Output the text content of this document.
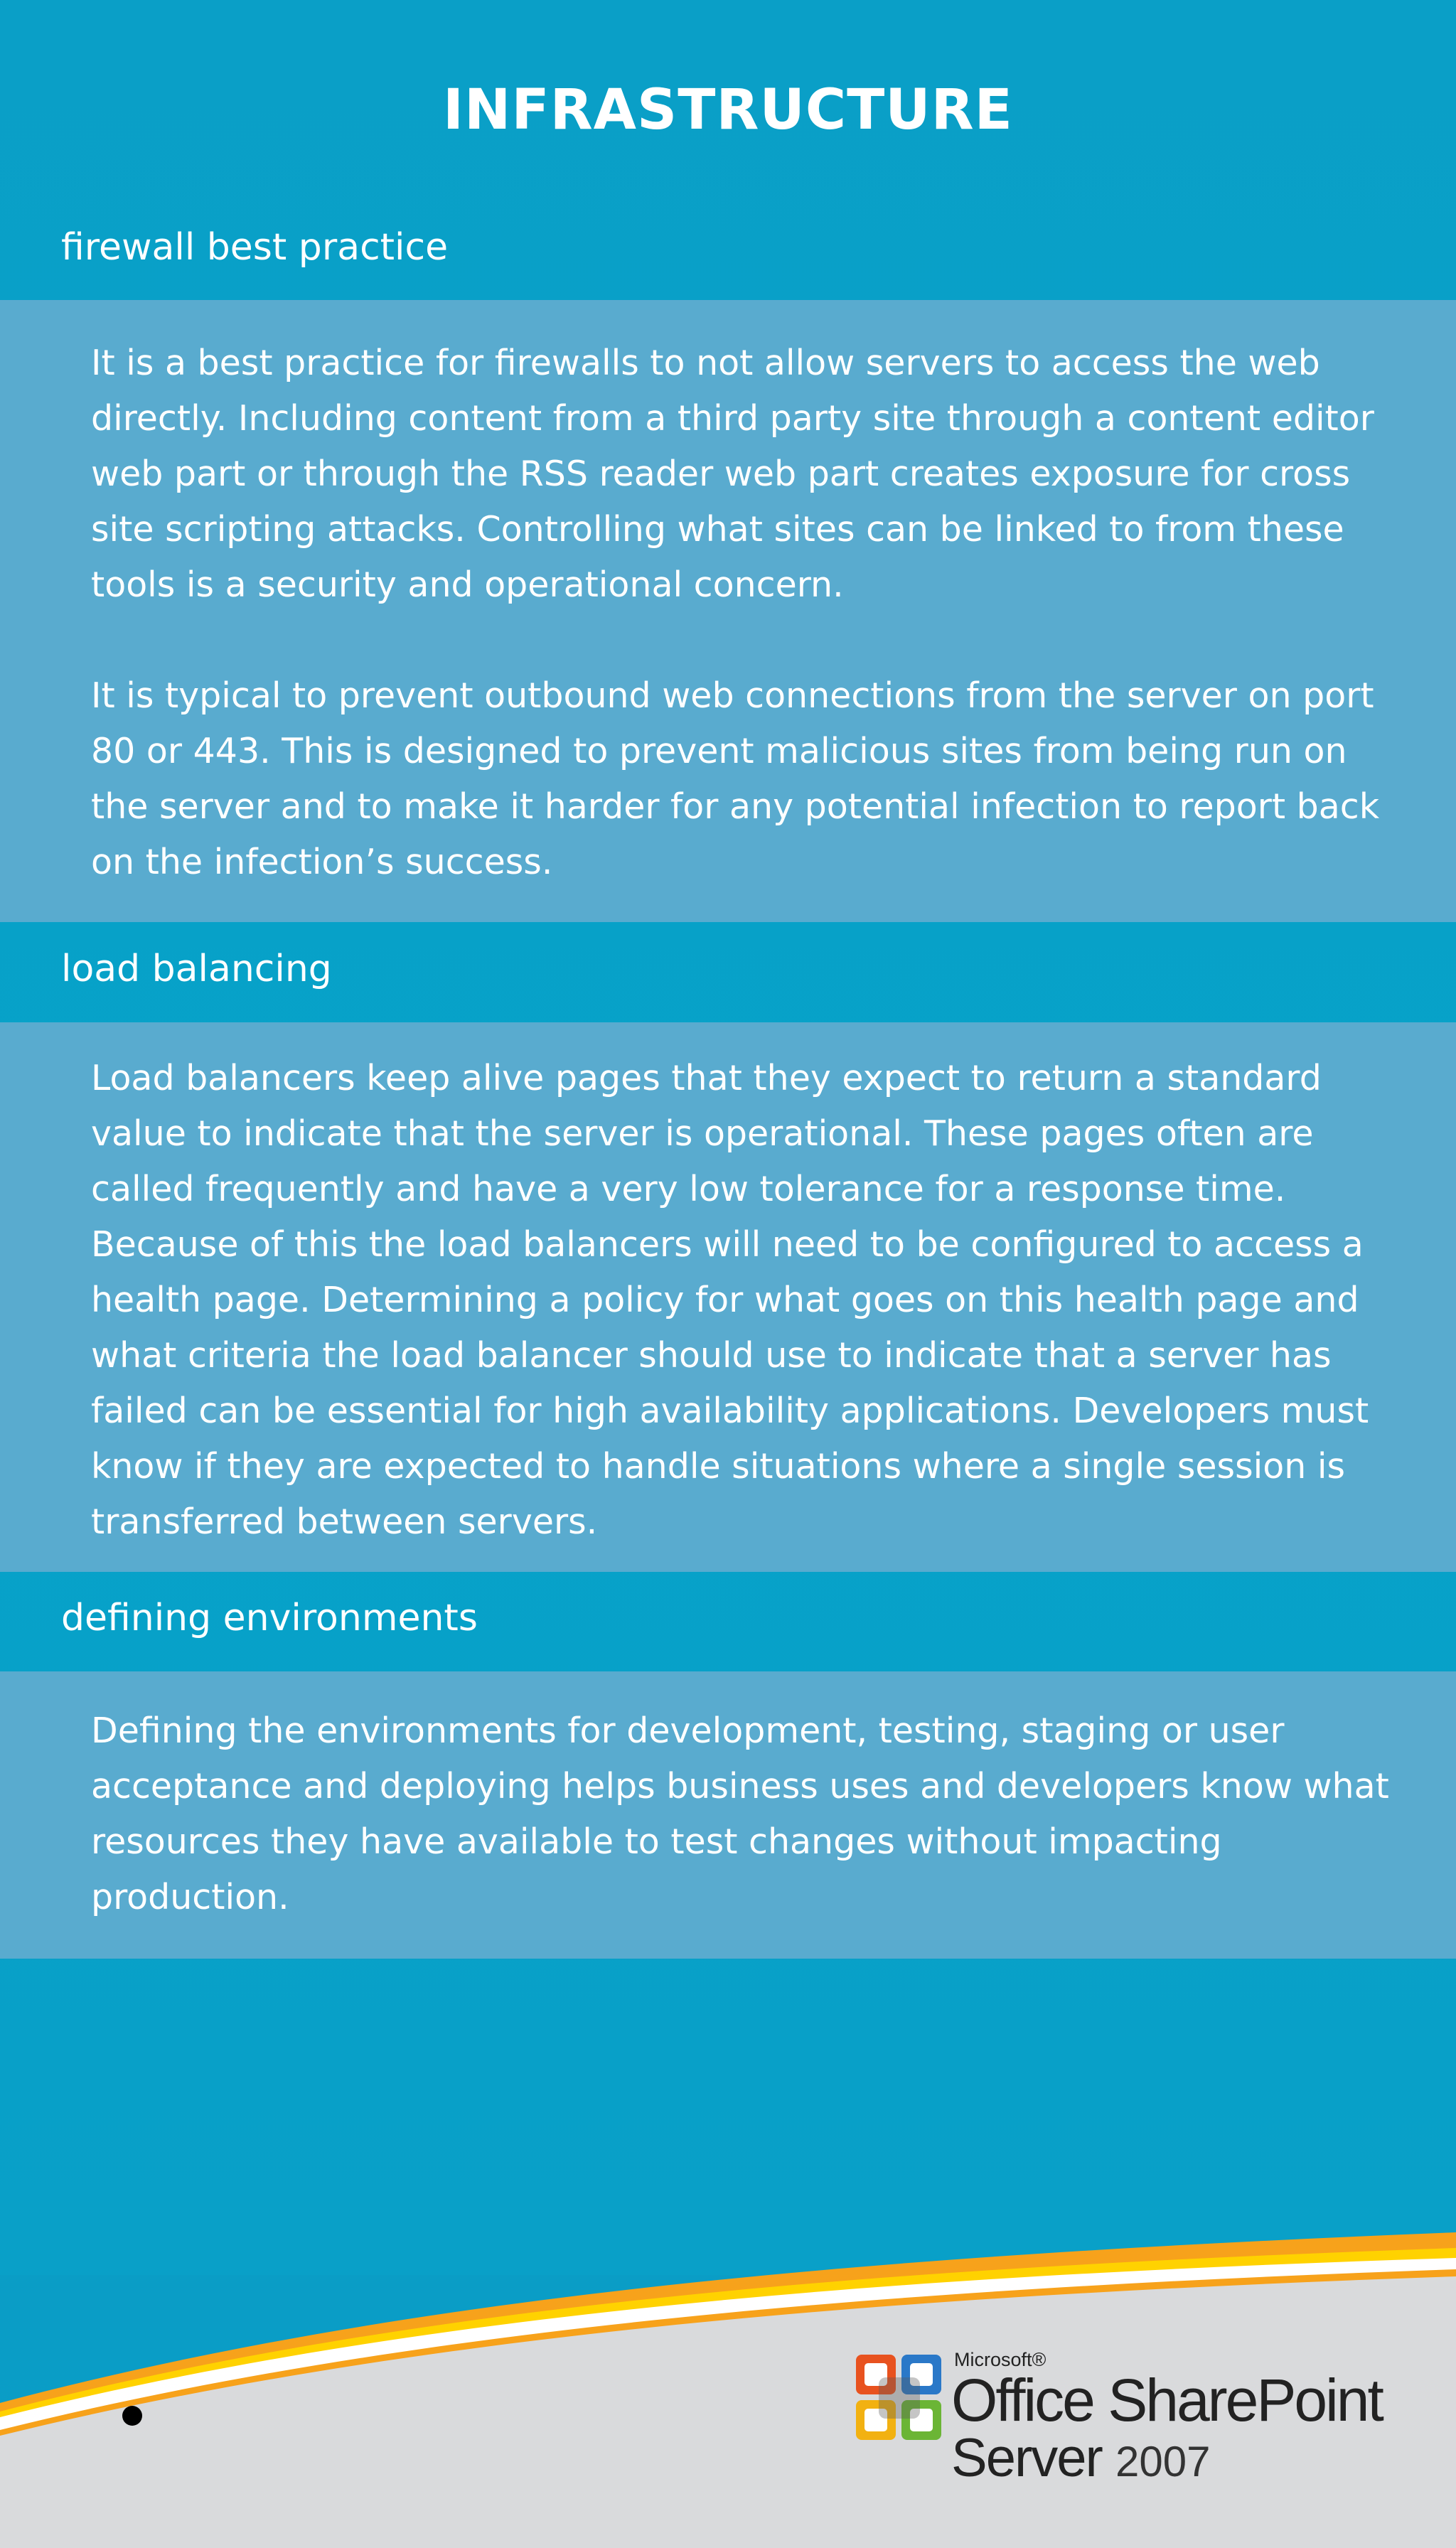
INFRASTRUCTURE
firewall best practice

It is a best practice for firewalls to not allow servers to access the web directly. Including content from a third party site through a content editor web part or through the RSS reader web part creates exposure for cross site scripting attacks. Controlling what sites can be linked to from these tools is a security and operational concern.

It is typical to prevent outbound web connections from the server on port 80 or 443. This is designed to prevent malicious sites from being run on the server and to make it harder for any potential infection to report back on the infection’s success.

load balancing

Load balancers keep alive pages that they expect to return a standard value to indicate that the server is operational. These pages often are called frequently and have a very low tolerance for a response time. Because of this the load balancers will need to be configured to access a health page. Determining a policy for what goes on this health page and what criteria the load balancer should use to indicate that a server has failed can be essential for high availability applications. Developers must know if they are expected to handle situations where a single session is transferred between servers.

defining environments

Defining the environments for development, testing, staging or user acceptance and deploying helps business uses and developers know what resources they have available to test changes without impacting production.

Microsoft®
Office SharePoint
Server 2007
